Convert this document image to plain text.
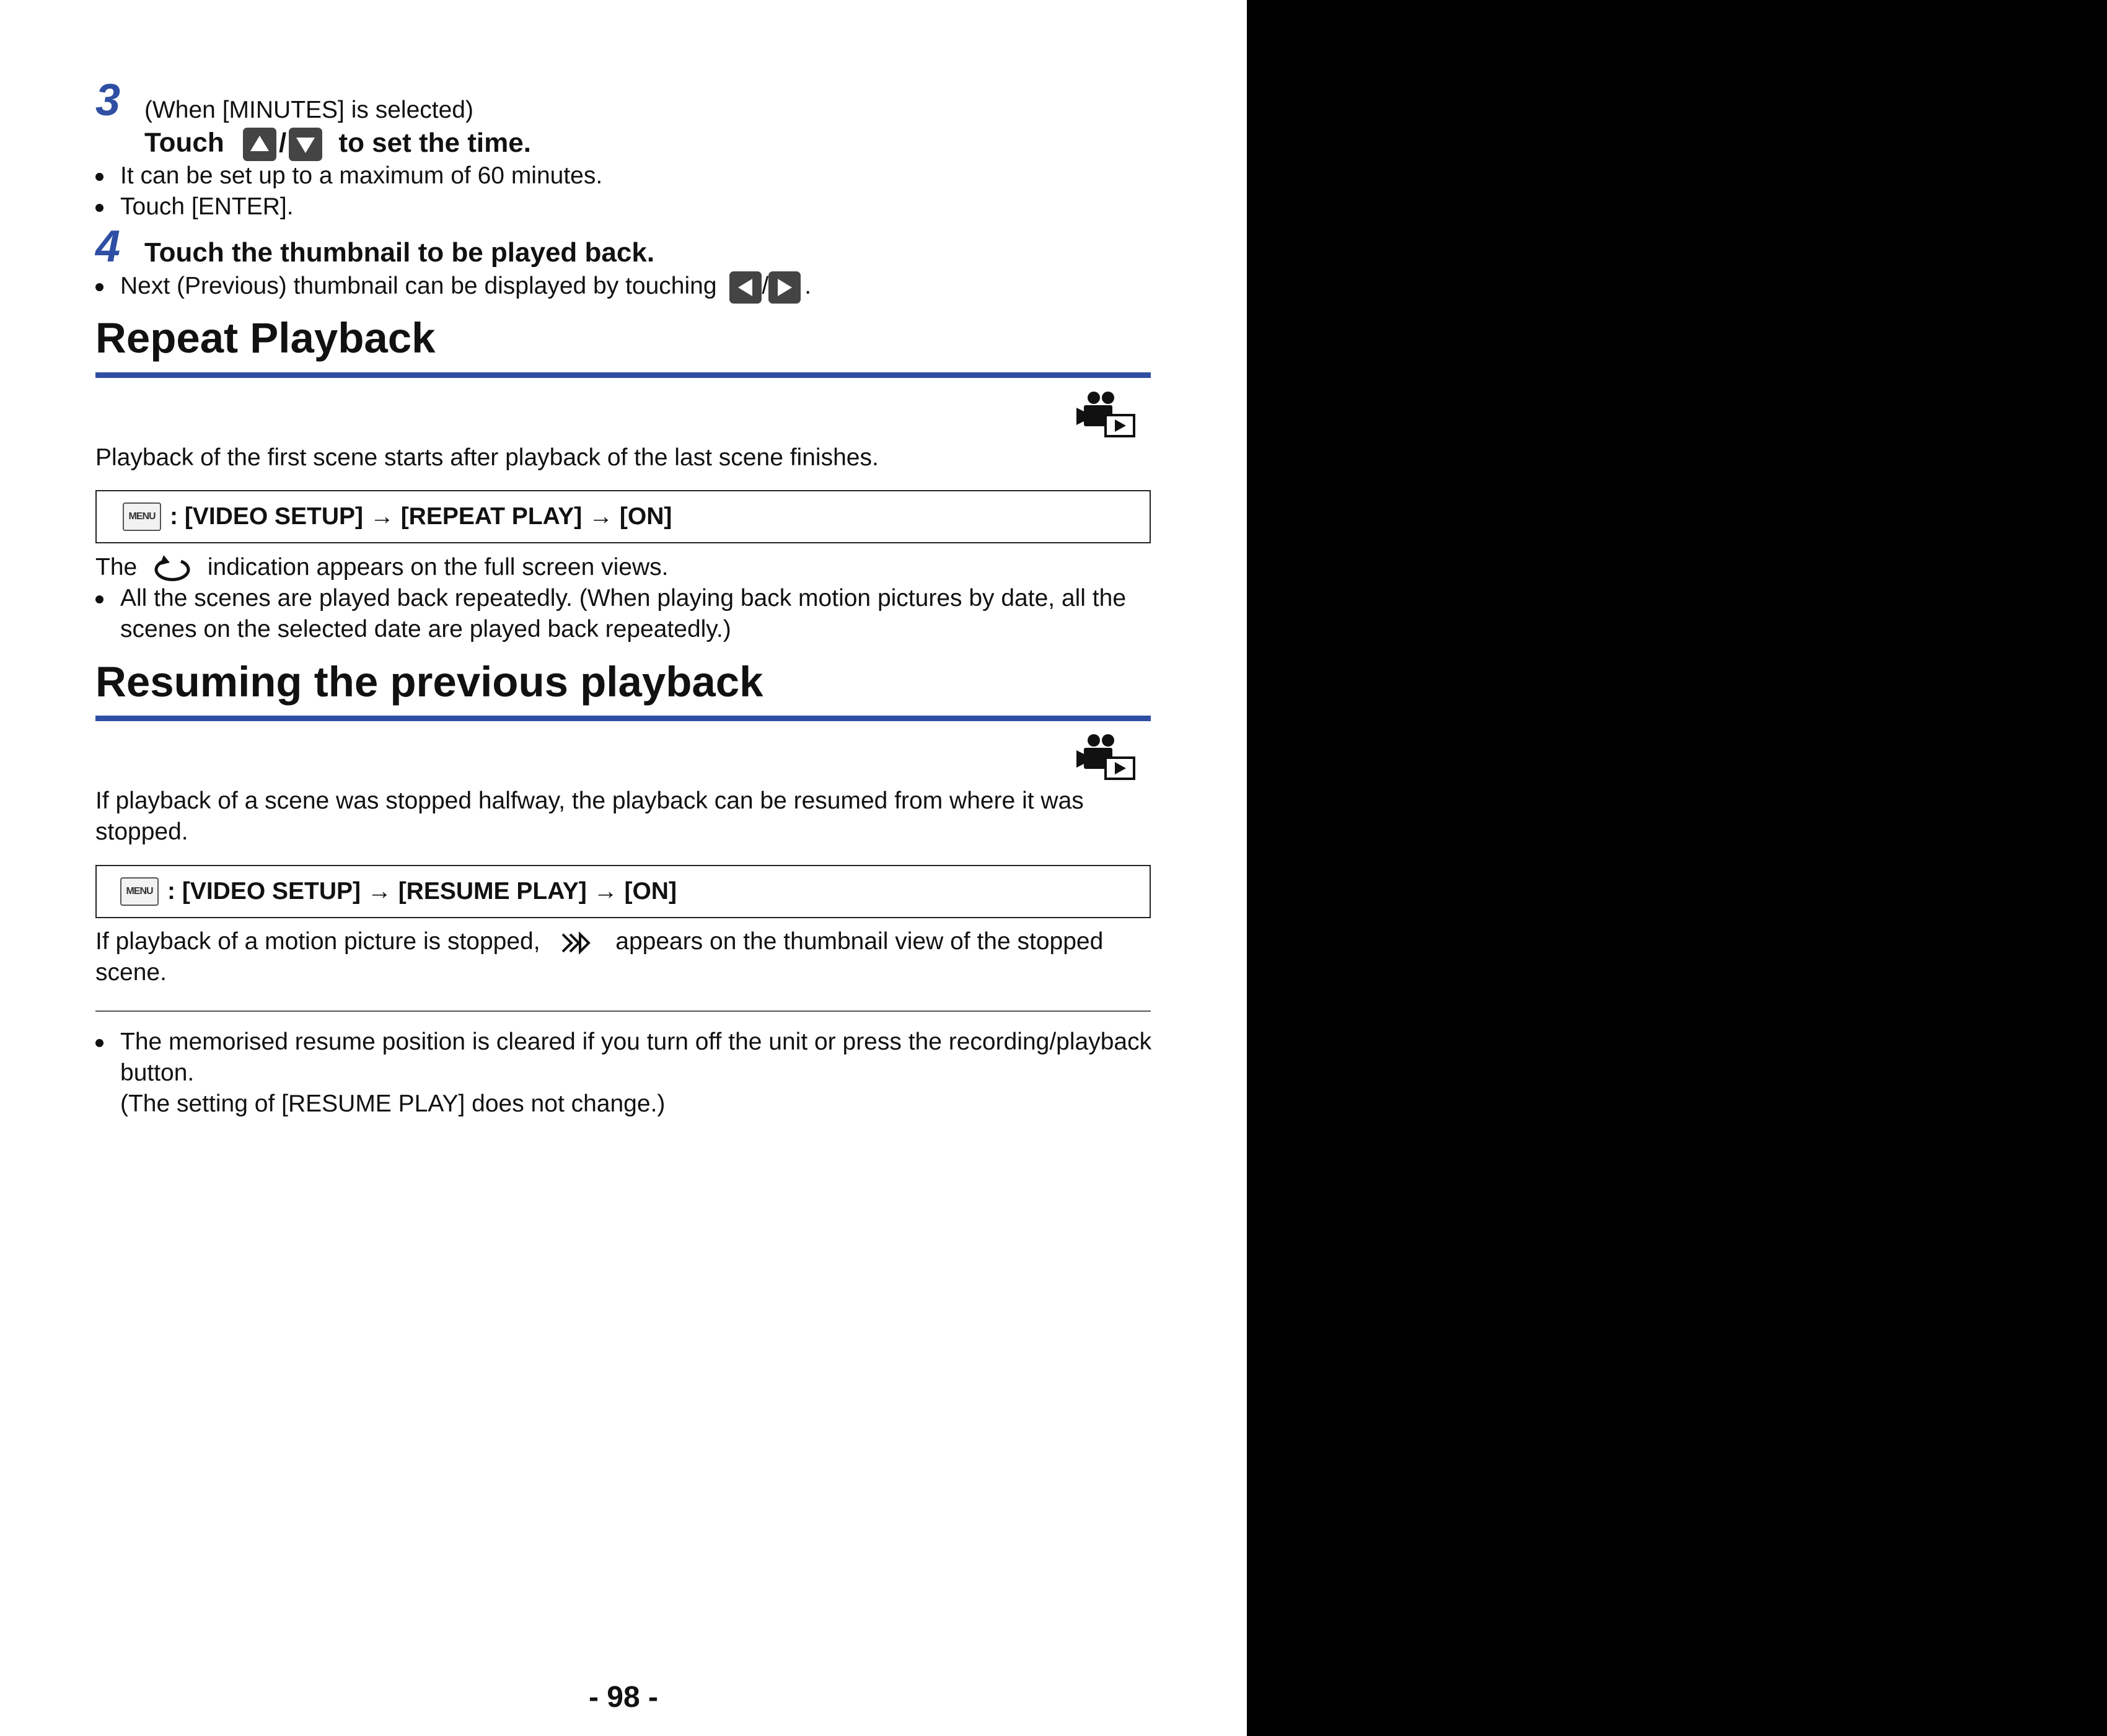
3 (When [MINUTES] is selected)
Touch / to set the time.
It can be set up to a maximum of 60 minutes.
Touch [ENTER].
4 Touch the thumbnail to be played back.
Next (Previous) thumbnail can be displayed by touching / .
Repeat Playback
Playback of the first scene starts after playback of the last scene finishes.
MENU : [VIDEO SETUP] → [REPEAT PLAY] → [ON]
The	indication appears on the full screen views.
All the scenes are played back repeatedly. (When playing back motion pictures by date, all the
scenes on the selected date are played back repeatedly.)
Resuming the previous playback
If playback of a scene was stopped halfway, the playback can be resumed from where it was
stopped.
MENU : [VIDEO SETUP] → [RESUME PLAY] → [ON]
If playback of a motion picture is stopped,	appears on the thumbnail view of the stopped
scene.
The memorised resume position is cleared if you turn off the unit or press the recording/playback
button.
(The setting of [RESUME PLAY] does not change.)
- 98 -
